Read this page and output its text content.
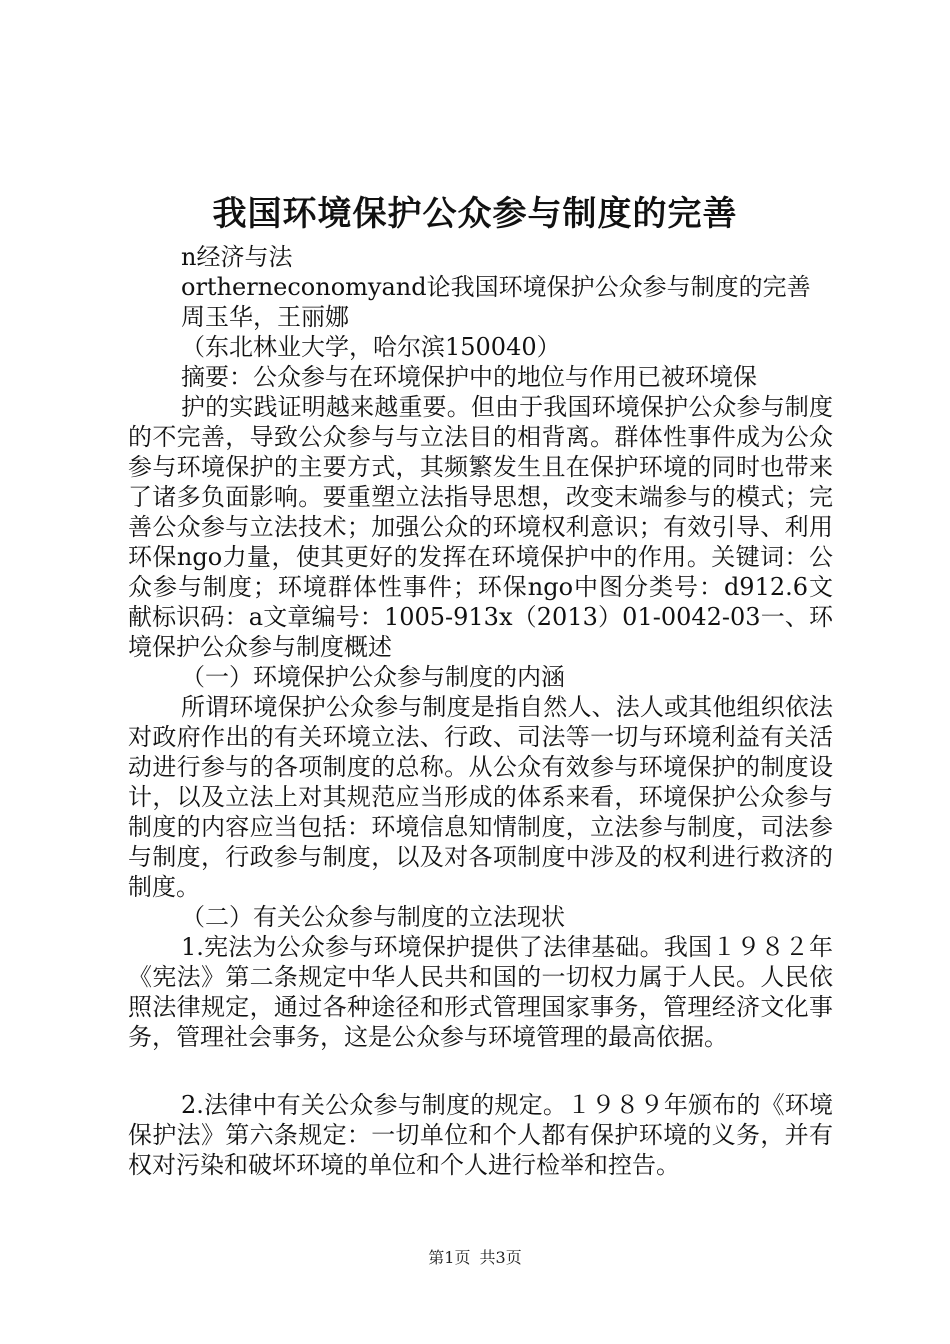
我国环境保护公众参与制度的完善
n经济与法
ortherneconomyand论我国环境保护公众参与制度的完善
周玉华，王丽娜
（东北林业大学，哈尔滨150040）
摘要：公众参与在环境保护中的地位与作用已被环境保

护的实践证明越来越重要。但由于我国环境保护公众参与制度的不完善，导致公众参与与立法目的相背离。群体性事件成为公众参与环境保护的主要方式，其频繁发生且在保护环境的同时也带来了诸多负面影响。要重塑立法指导思想，改变末端参与的模式；完善公众参与立法技术；加强公众的环境权利意识；有效引导、利用环保ngo力量，使其更好的发挥在环境保护中的作用。关键词：公众参与制度；环境群体性事件；环保ngo中图分类号：d912.6文献标识码：a文章编号：1005-913x（2013）01-0042-03一、环境保护公众参与制度概述

（一）环境保护公众参与制度的内涵

所谓环境保护公众参与制度是指自然人、法人或其他组织依法对政府作出的有关环境立法、行政、司法等一切与环境利益有关活动进行参与的各项制度的总称。从公众有效参与环境保护的制度设计，以及立法上对其规范应当形成的体系来看，环境保护公众参与制度的内容应当包括：环境信息知情制度，立法参与制度，司法参与制度，行政参与制度，以及对各项制度中涉及的权利进行救济的制度。

（二）有关公众参与制度的立法现状

1.宪法为公众参与环境保护提供了法律基础。我国１９８２年《宪法》第二条规定中华人民共和国的一切权力属于人民。人民依照法律规定，通过各种途径和形式管理国家事务，管理经济文化事务，管理社会事务，这是公众参与环境管理的最高依据。

2.法律中有关公众参与制度的规定。１９８９年颁布的《环境保护法》第六条规定：一切单位和个人都有保护环境的义务，并有权对污染和破坏环境的单位和个人进行检举和控告。

第1页 共3页
